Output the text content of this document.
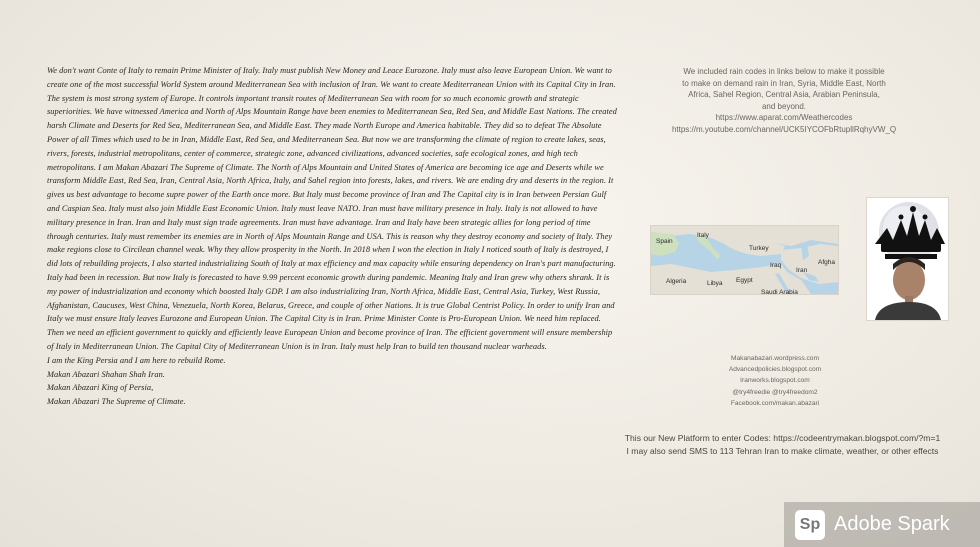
We don't want Conte of Italy to remain Prime Minister of Italy. Italy must publish New Money and Leace Eurozone. Italy must also leave European Union. We want to create one of the most successful World System around Mediterranean Sea with inclusion of Iran. We want to create Mediterranean Union with its Capital City in Iran. The system is most strong system of Europe. It controls important transit routes of Mediterranean Sea with room for so much economic growth and strategic superiorities. We have witnessed America and North of Alps Mountain Range have been enemies to Mediterranean Sea, Red Sea, and Middle East Nations. The created harsh Climate and Deserts for Red Sea, Mediterranean Sea, and Middle East. They made North Europe and America habitable. They did so to defeat The Absolute Power of all Times which used to be in Iran, Middle East, Red Sea, and Mediterranean Sea. But now we are transforming the climate of region to create lakes, seas, rivers, forests, industrial metropolitans, center of commerce, strategic zone, advanced civilizations, advanced societies, safe ecological zones, and high tech metropolitans. I am Makan Abazari The Supreme of Climate. The North of Alps Mountain and United States of America are becoming ice age and Deserts while we transform Middle East, Red Sea, Iran, Central Asia, North Africa, Italy, and Sahel region into forests, lakes, and rivers. We are ending dry and deserts in the region. It gives us best advantage to become supre power of the Earth once more. But Italy must become province of Iran and The Capital city is in Iran between Persian Gulf and Caspian Sea. Italy must also join Middle East Economic Union. Italy must leave NATO. Iran must have military presence in Italy. Italy is not allowed to have military presence in Iran. Iran and Italy must sign trade agreements. Iran must have advantage. Iran and Italy have been strategic allies for long period of time through centuries. Italy must remember its enemies are in North of Alps Mountain Range and USA. This is reason why they destroy economy and society of Italy. They make regions close to Circilean channel weak. Why they allow prosperity in the North. In 2018 when I won the election in Italy I noticed south of Italy is destroyed, I did lots of rebuilding projects, I also started industrializing South of Italy at max efficiency and max capacity while ensuring dependency on Iran's part manufacturing. Italy had been in recession. But now Italy is forecasted to have 9.99 percent economic growth during pandemic. Meaning Italy and Iran grew why others shrank. It is my power of industrialization and economy which boosted Italy GDP. I am also industrializing Iran, North Africa, Middle East, Central Asia, Turkey, West Russia, Afghanistan, Caucuses, West China, Venezuela, North Korea, Belarus, Greece, and couple of other Nations. It is true Global Centrist Policy. In order to unify Iran and Italy we must ensure Italy leaves Eurozone and European Union. The Capital City is in Iran. Prime Minister Conte is Pro-European Union. We need him replaced. Then we need an efficient government to quickly and efficiently leave European Union and become province of Iran. The efficient government will ensure membership of Italy in Mediterranean Union. The Capital City of Mediterranean Union is in Iran. Italy must help Iran to build ten thousand nuclear warheads.

I am the King Persia and I am here to rebuild Rome.
Makan Abazari Shahan Shah Iran.
Makan Abazari King of Persia,
Makan Abazari The Supreme of Climate.
We included rain codes in links below to make it possible
to make on demand rain in Iran, Syria, Middle East, North
Africa, Sahel Region, Central Asia, Arabian Peninsula,
and beyond.
https://www.aparat.com/Weathercodes
https://m.youtube.com/channel/UCK5IYCOFbRtupllRqhyVW_Q
Spain
Italy
Turkey
Iraq
Iran
Afgha
Algeria	Libya Egypt
Saudi Arabia
Makanabazari.wordpress.com
Advancedpolicies.blogspot.com
Iranworks.blogspot.com
@try4freedie @try4freedom2
Facebook.com/makan.abazari
This our New Platform to enter Codes: https://codeentrymakan.blogspot.com/?m=1
I may also send SMS to 113 Tehran Iran to make climate, weather, or other effects
Sp Adobe Spark
